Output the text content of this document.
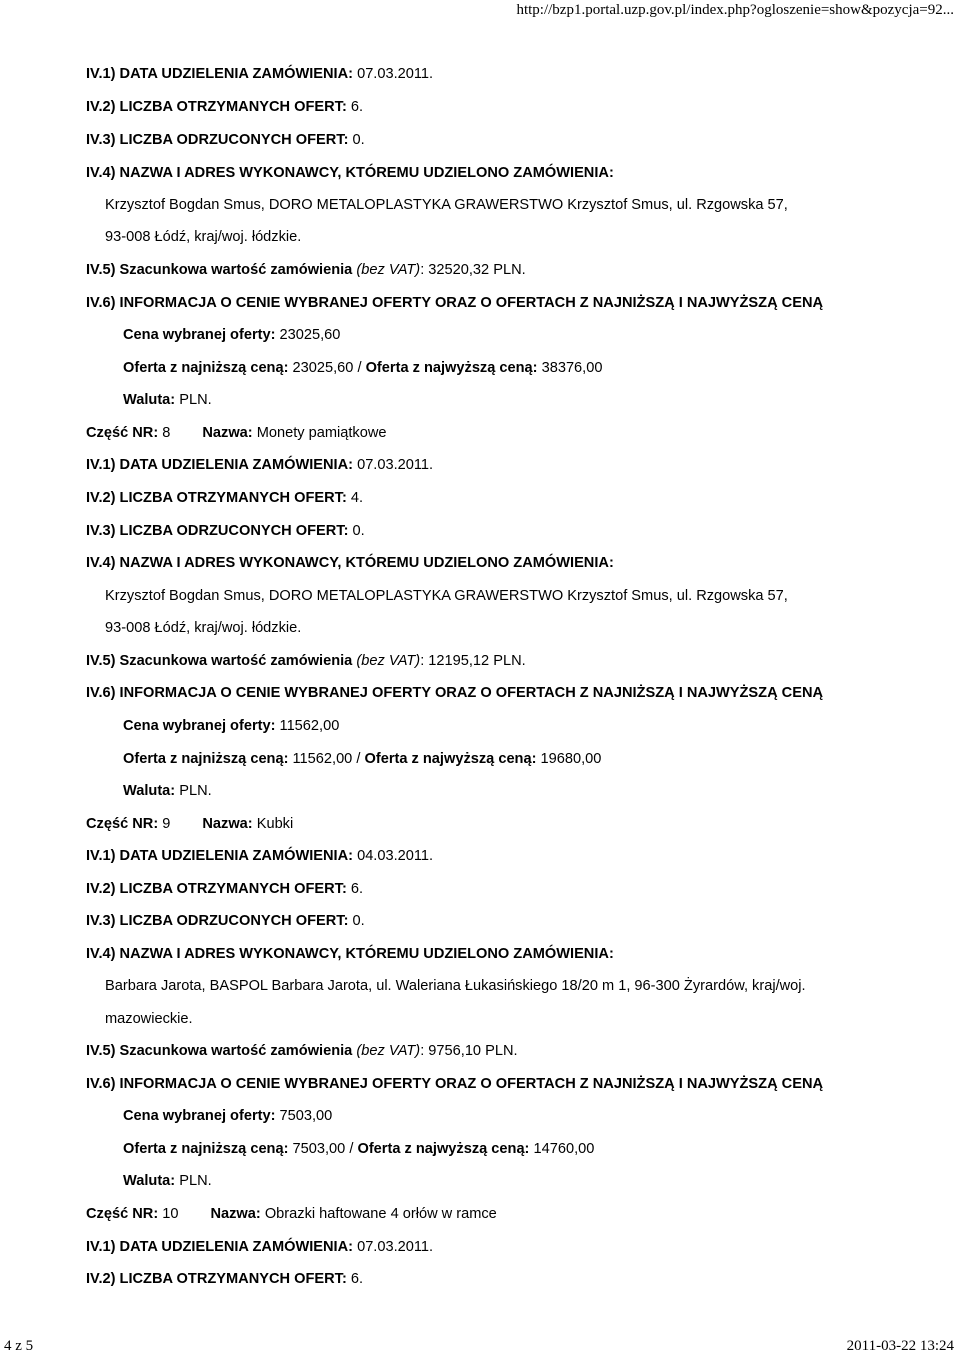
http://bzp1.portal.uzp.gov.pl/index.php?ogloszenie=show&pozycja=92...
IV.1) DATA UDZIELENIA ZAMÓWIENIA: 07.03.2011.
IV.2) LICZBA OTRZYMANYCH OFERT: 6.
IV.3) LICZBA ODRZUCONYCH OFERT: 0.
IV.4) NAZWA I ADRES WYKONAWCY, KTÓREMU UDZIELONO ZAMÓWIENIA:
Krzysztof Bogdan Smus, DORO METALOPLASTYKA GRAWERSTWO Krzysztof Smus, ul. Rzgowska 57,
93-008 Łódź, kraj/woj. łódzkie.
IV.5) Szacunkowa wartość zamówienia (bez VAT): 32520,32 PLN.
IV.6) INFORMACJA O CENIE WYBRANEJ OFERTY ORAZ O OFERTACH Z NAJNIŻSZĄ I NAJWYŻSZĄ CENĄ
Cena wybranej oferty: 23025,60
Oferta z najniższą ceną: 23025,60 / Oferta z najwyższą ceną: 38376,00
Waluta: PLN.
Część NR: 8 Nazwa: Monety pamiątkowe
IV.1) DATA UDZIELENIA ZAMÓWIENIA: 07.03.2011.
IV.2) LICZBA OTRZYMANYCH OFERT: 4.
IV.3) LICZBA ODRZUCONYCH OFERT: 0.
IV.4) NAZWA I ADRES WYKONAWCY, KTÓREMU UDZIELONO ZAMÓWIENIA:
Krzysztof Bogdan Smus, DORO METALOPLASTYKA GRAWERSTWO Krzysztof Smus, ul. Rzgowska 57,
93-008 Łódź, kraj/woj. łódzkie.
IV.5) Szacunkowa wartość zamówienia (bez VAT): 12195,12 PLN.
IV.6) INFORMACJA O CENIE WYBRANEJ OFERTY ORAZ O OFERTACH Z NAJNIŻSZĄ I NAJWYŻSZĄ CENĄ
Cena wybranej oferty: 11562,00
Oferta z najniższą ceną: 11562,00 / Oferta z najwyższą ceną: 19680,00
Waluta: PLN.
Część NR: 9 Nazwa: Kubki
IV.1) DATA UDZIELENIA ZAMÓWIENIA: 04.03.2011.
IV.2) LICZBA OTRZYMANYCH OFERT: 6.
IV.3) LICZBA ODRZUCONYCH OFERT: 0.
IV.4) NAZWA I ADRES WYKONAWCY, KTÓREMU UDZIELONO ZAMÓWIENIA:
Barbara Jarota, BASPOL Barbara Jarota, ul. Waleriana Łukasińskiego 18/20 m 1, 96-300 Żyrardów, kraj/woj.
mazowieckie.
IV.5) Szacunkowa wartość zamówienia (bez VAT): 9756,10 PLN.
IV.6) INFORMACJA O CENIE WYBRANEJ OFERTY ORAZ O OFERTACH Z NAJNIŻSZĄ I NAJWYŻSZĄ CENĄ
Cena wybranej oferty: 7503,00
Oferta z najniższą ceną: 7503,00 / Oferta z najwyższą ceną: 14760,00
Waluta: PLN.
Część NR: 10 Nazwa: Obrazki haftowane 4 orłów w ramce
IV.1) DATA UDZIELENIA ZAMÓWIENIA: 07.03.2011.
IV.2) LICZBA OTRZYMANYCH OFERT: 6.
4 z 5	2011-03-22 13:24
